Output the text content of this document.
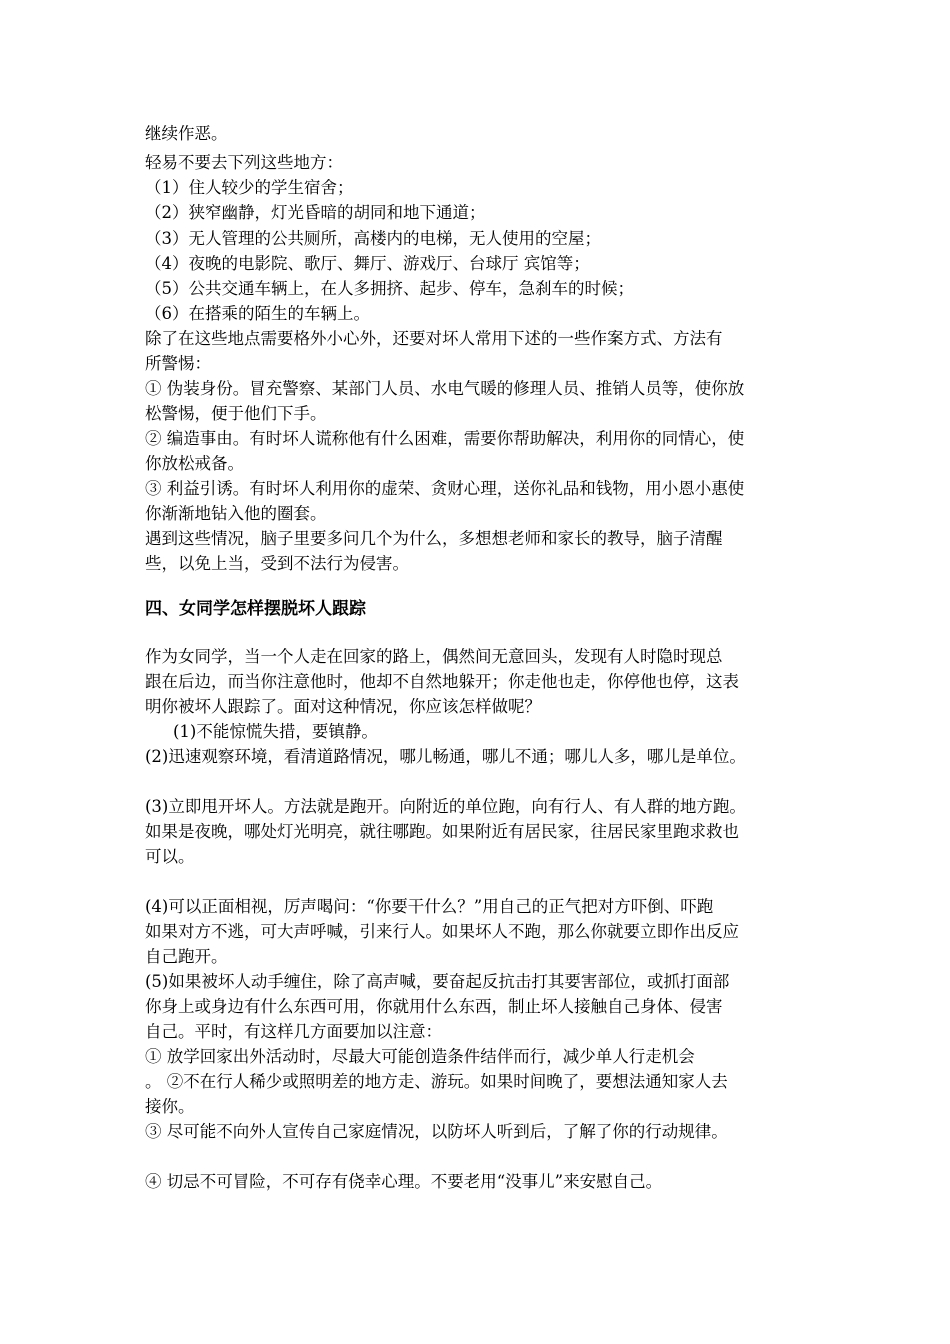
继续作恶。
轻易不要去下列这些地方：
（1）住人较少的学生宿舍；
（2）狭窄幽静，灯光昏暗的胡同和地下通道；
（3）无人管理的公共厕所，高楼内的电梯，无人使用的空屋；
（4）夜晚的电影院、歌厅、舞厅、游戏厅、台球厅 宾馆等；
（5）公共交通车辆上，在人多拥挤、起步、停车，急刹车的时候；
（6）在搭乘的陌生的车辆上。
除了在这些地点需要格外小心外，还要对坏人常用下述的一些作案方式、方法有
所警惕：
① 伪装身份。冒充警察、某部门人员、水电气暖的修理人员、推销人员等，使你放
松警惕，便于他们下手。
② 编造事由。有时坏人谎称他有什么困难，需要你帮助解决，利用你的同情心，使
你放松戒备。
③ 利益引诱。有时坏人利用你的虚荣、贪财心理，送你礼品和钱物，用小恩小惠使
你渐渐地钻入他的圈套。
遇到这些情况，脑子里要多问几个为什么，多想想老师和家长的教导，脑子清醒
些，以免上当，受到不法行为侵害。
四、女同学怎样摆脱坏人跟踪
作为女同学，当一个人走在回家的路上，偶然间无意回头，发现有人时隐时现总
跟在后边，而当你注意他时，他却不自然地躲开；你走他也走，你停他也停，这表
明你被坏人跟踪了。面对这种情况，你应该怎样做呢？
(1)不能惊慌失措，要镇静。
(2)迅速观察环境，看清道路情况，哪儿畅通，哪儿不通；哪儿人多，哪儿是单位。
(3)立即甩开坏人。方法就是跑开。向附近的单位跑，向有行人、有人群的地方跑。
如果是夜晚，哪处灯光明亮，就往哪跑。如果附近有居民家，往居民家里跑求救也
可以。
(4)可以正面相视，厉声喝问：“你要干什么？”用自己的正气把对方吓倒、吓跑
如果对方不逃，可大声呼喊，引来行人。如果坏人不跑，那么你就要立即作出反应
自己跑开。
(5)如果被坏人动手缠住，除了高声喊，要奋起反抗击打其要害部位，或抓打面部
你身上或身边有什么东西可用，你就用什么东西，制止坏人接触自己身体、侵害
自己。平时，有这样几方面要加以注意：
① 放学回家出外活动时，尽最大可能创造条件结伴而行，减少单人行走机会
。 ②不在行人稀少或照明差的地方走、游玩。如果时间晚了，要想法通知家人去
接你。
③ 尽可能不向外人宣传自己家庭情况，以防坏人听到后，了解了你的行动规律。
④ 切忌不可冒险，不可存有侥幸心理。不要老用“没事儿”来安慰自己。
